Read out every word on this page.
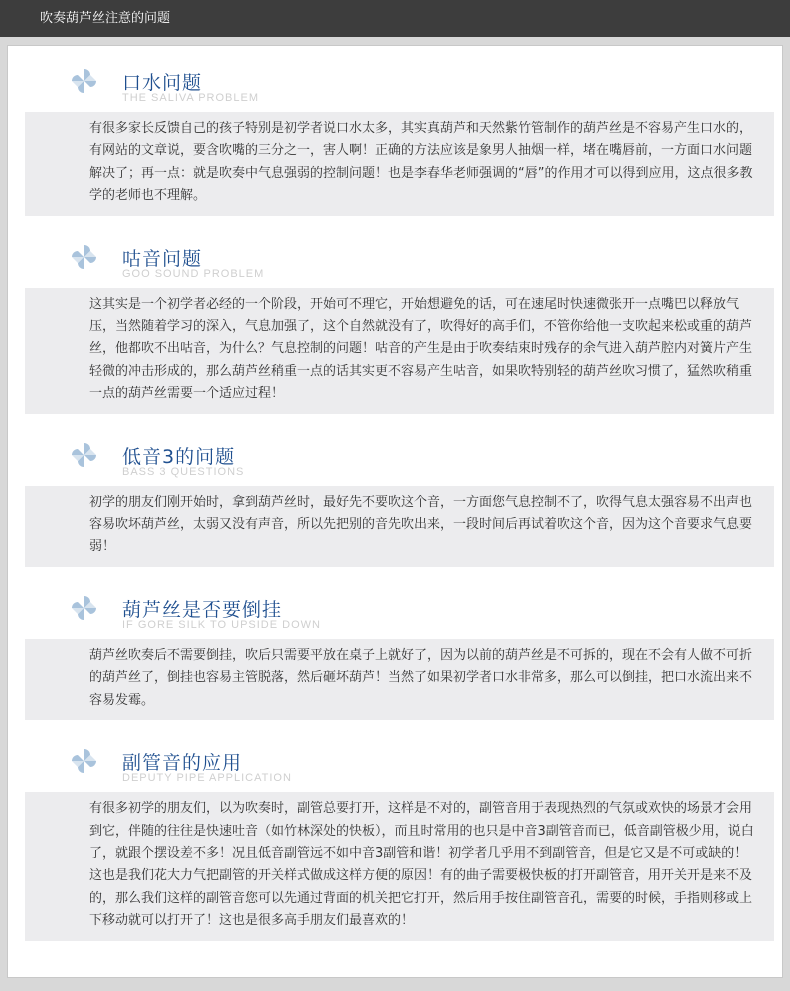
吹奏葫芦丝注意的问题
口水问题
THE SALIVA PROBLEM
有很多家长反馈自己的孩子特别是初学者说口水太多，其实真葫芦和天然紫竹管制作的葫芦丝是不容易产生口水的，有网站的文章说，要含吹嘴的三分之一，害人啊！正确的方法应该是象男人抽烟一样，堵在嘴唇前，一方面口水问题解决了；再一点：就是吹奏中气息强弱的控制问题！也是李春华老师强调的“唇”的作用才可以得到应用，这点很多教学的老师也不理解。
咕音问题
GOO SOUND PROBLEM
这其实是一个初学者必经的一个阶段，开始可不理它，开始想避免的话，可在速尾时快速微张开一点嘴巴以释放气压，当然随着学习的深入，气息加强了，这个自然就没有了，吹得好的高手们，不管你给他一支吹起来松或重的葫芦丝，他都吹不出咕音，为什么？气息控制的问题！咕音的产生是由于吹奏结束时残存的余气进入葫芦腔内对簧片产生轻微的冲击形成的，那么葫芦丝稍重一点的话其实更不容易产生咕音，如果吹特别轻的葫芦丝吹习惯了，猛然吹稍重一点的葫芦丝需要一个适应过程！
低音3的问题
BASS 3 QUESTIONS
初学的朋友们刚开始时，拿到葫芦丝时，最好先不要吹这个音，一方面您气息控制不了，吹得气息太强容易不出声也容易吹坏葫芦丝，太弱又没有声音，所以先把别的音先吹出来，一段时间后再试着吹这个音，因为这个音要求气息要弱！
葫芦丝是否要倒挂
IF GORE SILK TO UPSIDE DOWN
葫芦丝吹奏后不需要倒挂，吹后只需要平放在桌子上就好了，因为以前的葫芦丝是不可拆的，现在不会有人做不可折的葫芦丝了，倒挂也容易主管脱落，然后砸坏葫芦！当然了如果初学者口水非常多，那么可以倒挂，把口水流出来不容易发霉。
副管音的应用
DEPUTY PIPE APPLICATION
有很多初学的朋友们，以为吹奏时，副管总要打开，这样是不对的，副管音用于表现热烈的气氛或欢快的场景才会用到它，伴随的往往是快速吐音（如竹林深处的快板），而且时常用的也只是中音3副管音而已，低音副管极少用，说白了，就跟个摆设差不多！况且低音副管远不如中音3副管和谐！初学者几乎用不到副管音，但是它又是不可或缺的！这也是我们花大力气把副管的开关样式做成这样方便的原因！有的曲子需要极快板的打开副管音，用开关开是来不及的，那么我们这样的副管音您可以先通过背面的机关把它打开，然后用手按住副管音孔，需要的时候，手指则移或上下移动就可以打开了！这也是很多高手朋友们最喜欢的！
